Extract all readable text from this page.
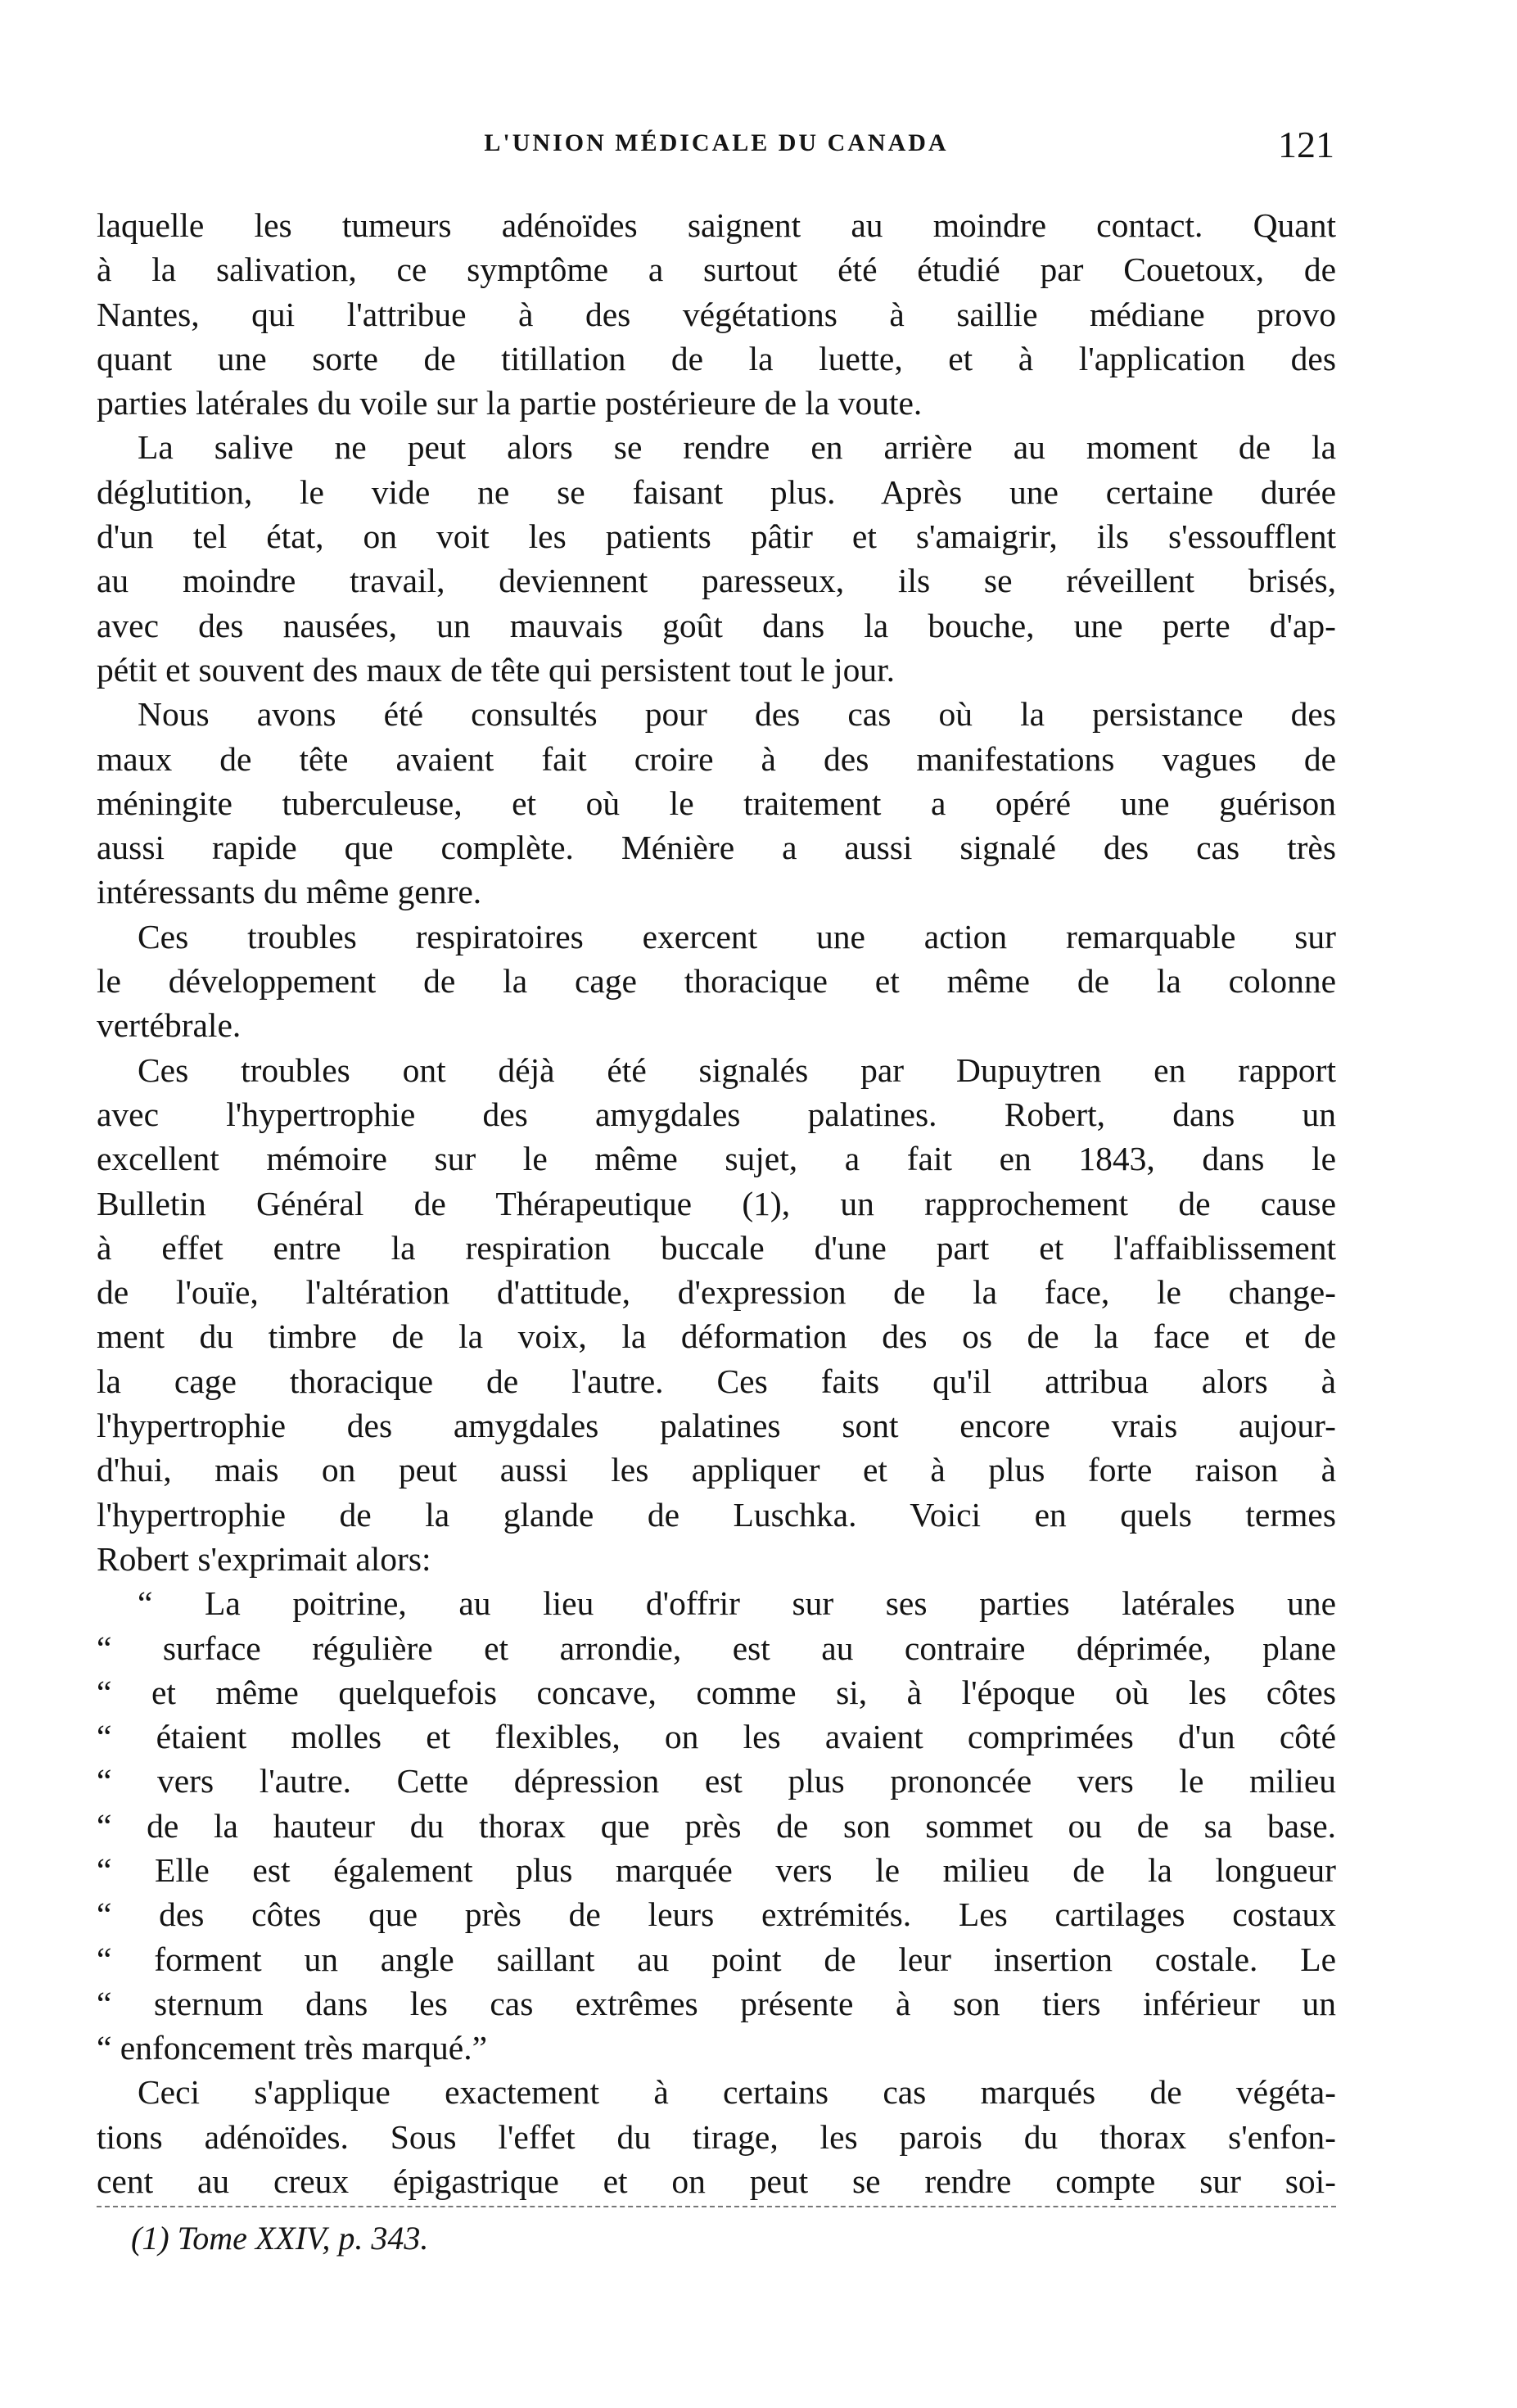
L'UNION MÉDICALE DU CANADA	121
laquelle les tumeurs adénoïdes saignent au moindre contact. Quant
à la salivation, ce symptôme a surtout été étudié par Couetoux, de
Nantes, qui l'attribue à des végétations à saillie médiane provo
quant une sorte de titillation de la luette, et à l'application des
parties latérales du voile sur la partie postérieure de la voute.
La salive ne peut alors se rendre en arrière au moment de la
déglutition, le vide ne se faisant plus. Après une certaine durée
d'un tel état, on voit les patients pâtir et s'amaigrir, ils s'essoufflent
au moindre travail, deviennent paresseux, ils se réveillent brisés,
avec des nausées, un mauvais goût dans la bouche, une perte d'ap-
pétit et souvent des maux de tête qui persistent tout le jour.
Nous avons été consultés pour des cas où la persistance des
maux de tête avaient fait croire à des manifestations vagues de
méningite tuberculeuse, et où le traitement a opéré une guérison
aussi rapide que complète. Ménière a aussi signalé des cas très
intéressants du même genre.
Ces troubles respiratoires exercent une action remarquable sur
le développement de la cage thoracique et même de la colonne
vertébrale.
Ces troubles ont déjà été signalés par Dupuytren en rapport
avec l'hypertrophie des amygdales palatines. Robert, dans un
excellent mémoire sur le même sujet, a fait en 1843, dans le
Bulletin Général de Thérapeutique (1), un rapprochement de cause
à effet entre la respiration buccale d'une part et l'affaiblissement
de l'ouïe, l'altération d'attitude, d'expression de la face, le change-
ment du timbre de la voix, la déformation des os de la face et de
la cage thoracique de l'autre. Ces faits qu'il attribua alors à
l'hypertrophie des amygdales palatines sont encore vrais aujour-
d'hui, mais on peut aussi les appliquer et à plus forte raison à
l'hypertrophie de la glande de Luschka. Voici en quels termes
Robert s'exprimait alors:
“ La poitrine, au lieu d'offrir sur ses parties latérales une
“ surface régulière et arrondie, est au contraire déprimée, plane
“ et même quelquefois concave, comme si, à l'époque où les côtes
“ étaient molles et flexibles, on les avaient comprimées d'un côté
“ vers l'autre. Cette dépression est plus prononcée vers le milieu
“ de la hauteur du thorax que près de son sommet ou de sa base.
“ Elle est également plus marquée vers le milieu de la longueur
“ des côtes que près de leurs extrémités. Les cartilages costaux
“ forment un angle saillant au point de leur insertion costale. Le
“ sternum dans les cas extrêmes présente à son tiers inférieur un
“ enfoncement très marqué.”
Ceci s'applique exactement à certains cas marqués de végéta-
tions adénoïdes. Sous l'effet du tirage, les parois du thorax s'enfon-
cent au creux épigastrique et on peut se rendre compte sur soi-
(1) Tome XXIV, p. 343.
